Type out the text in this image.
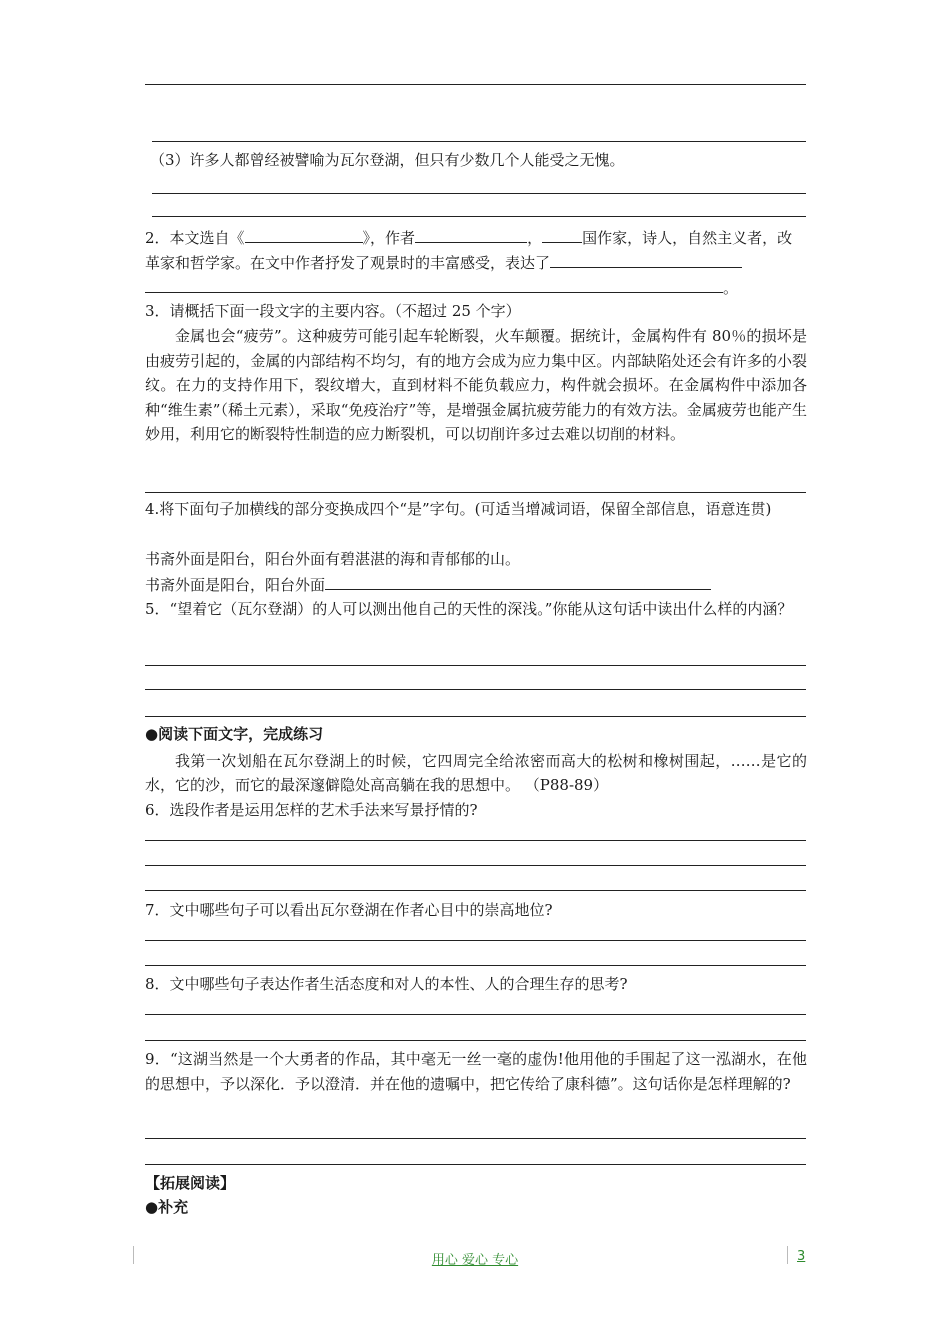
（3）许多人都曾经被譬喻为瓦尔登湖，但只有少数几个人能受之无愧。
2．本文选自《	》，作者	，	国作家，诗人，自然主义者，改
革家和哲学家。在文中作者抒发了观景时的丰富感受，表达了
。
3．请概括下面一段文字的主要内容。（不超过 25 个字）
金属也会“疲劳”。这种疲劳可能引起车轮断裂，火车颠覆。据统计，金属构件有 80％的损坏是由疲劳引起的，金属的内部结构不均匀，有的地方会成为应力集中区。内部缺陷处还会有许多的小裂纹。在力的支持作用下，裂纹增大，直到材料不能负载应力，构件就会损坏。在金属构件中添加各种“维生素”（稀土元素），采取“免疫治疗”等，是增强金属抗疲劳能力的有效方法。金属疲劳也能产生妙用，利用它的断裂特性制造的应力断裂机，可以切削许多过去难以切削的材料。
4.将下面句子加横线的部分变换成四个“是”字句。(可适当增减词语，保留全部信息，语意连贯)
书斋外面是阳台，阳台外面有碧湛湛的海和青郁郁的山。
书斋外面是阳台，阳台外面
5．“望着它（瓦尔登湖）的人可以测出他自己的天性的深浅。”你能从这句话中读出什么样的内涵？
●阅读下面文字，完成练习
我第一次划船在瓦尔登湖上的时候，它四周完全给浓密而高大的松树和橡树围起，……是它的水，它的沙，而它的最深邃僻隐处高高躺在我的思想中。 （P88-89）
6．选段作者是运用怎样的艺术手法来写景抒情的?
7．文中哪些句子可以看出瓦尔登湖在作者心目中的崇高地位?
8．文中哪些句子表达作者生活态度和对人的本性、人的合理生存的思考?
9．“这湖当然是一个大勇者的作品，其中毫无一丝一毫的虚伪!他用他的手围起了这一泓湖水，在他的思想中，予以深化．予以澄清．并在他的遗嘱中，把它传给了康科德”。这句话你是怎样理解的?
【拓展阅读】
●补充
用心 爱心 专心	3
